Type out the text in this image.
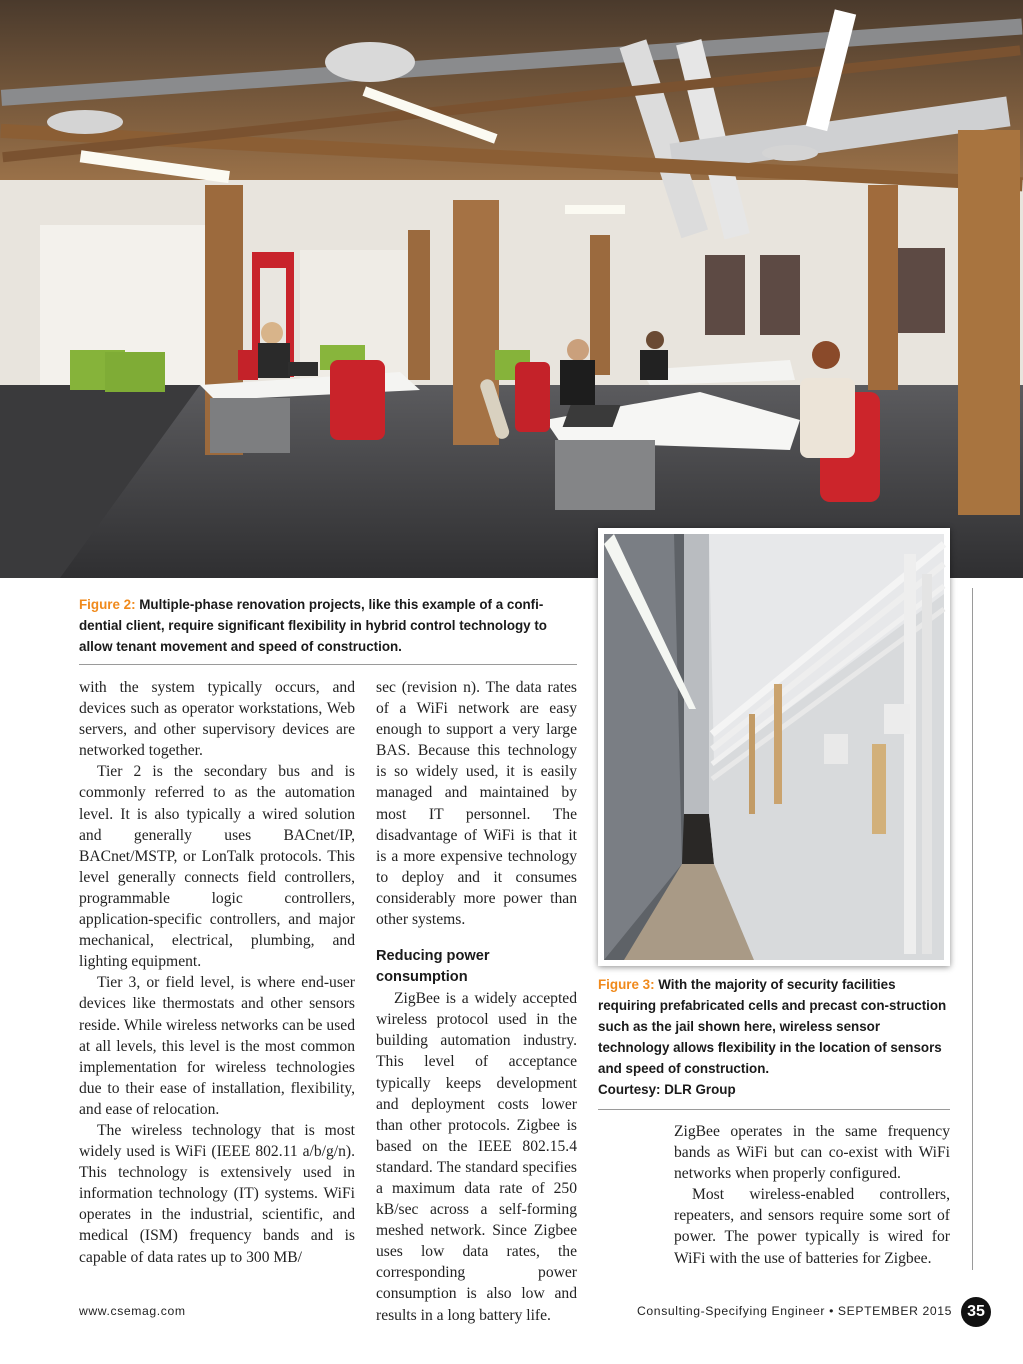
Figure 2: Multiple-phase renovation projects, like this example of a confi-dential client, require significant flexibility in hybrid control technology to allow tenant movement and speed of construction.
Figure 3: With the majority of security facilities requiring prefabricated cells and precast con-struction such as the jail shown here, wireless sensor technology allows flexibility in the location of sensors and speed of construction.
Courtesy: DLR Group

with the system typically occurs, and devices such as operator workstations, Web servers, and other supervisory devices are networked together.

Tier 2 is the secondary bus and is commonly referred to as the automation level. It is also typically a wired solution and generally uses BACnet/IP, BACnet/MSTP, or LonTalk protocols. This level generally connects field controllers, programmable logic controllers, application-specific controllers, and major mechanical, electrical, plumbing, and lighting equipment.

Tier 3, or field level, is where end-user devices like thermostats and other sensors reside. While wireless networks can be used at all levels, this level is the most common implementation for wireless technologies due to their ease of installation, flexibility, and ease of relocation.

The wireless technology that is most widely used is WiFi (IEEE 802.11 a/b/g/n). This technology is extensively used in information technology (IT) systems. WiFi operates in the industrial, scientific, and medical (ISM) frequency bands and is capable of data rates up to 300 MB/

sec (revision n). The data rates of a WiFi network are easy enough to support a very large BAS. Because this technology is so widely used, it is easily managed and maintained by most IT personnel. The disadvantage of WiFi is that it is a more expensive technology to deploy and it consumes considerably more power than other systems.

Reducing power
consumption

ZigBee is a widely accepted wireless protocol used in the building automation industry. This level of acceptance typically keeps development and deployment costs lower than other protocols. Zigbee is based on the IEEE 802.15.4 standard. The standard specifies a maximum data rate of 250 kB/sec across a self-forming meshed network. Since Zigbee uses low data rates, the corresponding power consumption is also low and results in a long battery life.

ZigBee operates in the same frequency bands as WiFi but can co-exist with WiFi networks when properly configured.

Most wireless-enabled controllers, repeaters, and sensors require some sort of power. The power typically is wired for WiFi with the use of batteries for Zigbee.

www.csemag.com	Consulting-Specifying Engineer • SEPTEMBER 2015 35
